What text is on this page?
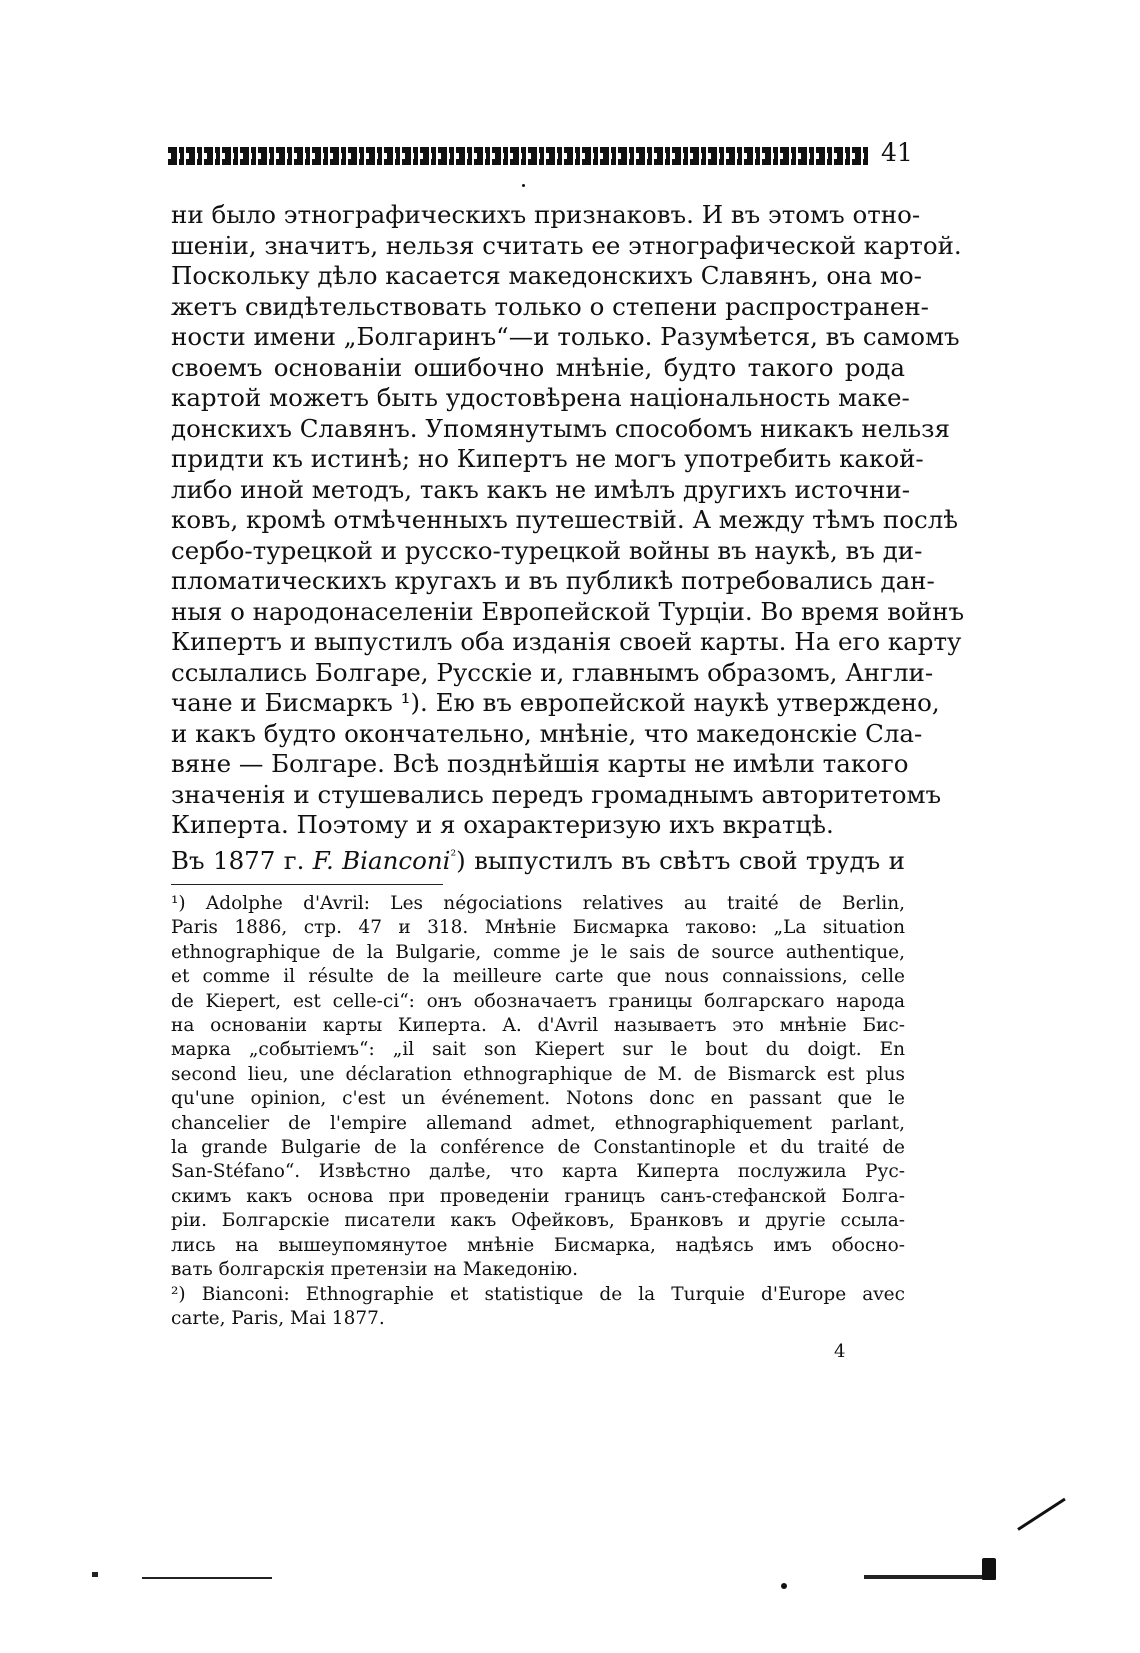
41
ни было этнографическихъ признаковъ. И въ этомъ отно-
шеніи, значитъ, нельзя считать ее этнографической картой.
Поскольку дѣло касается македонскихъ Славянъ, она мо-
жетъ свидѣтельствовать только о степени распространен-
ности имени „Болгаринъ“—и только. Разумѣется, въ самомъ
своемъ основаніи ошибочно мнѣніе, будто такого рода
картой можетъ быть удостовѣрена національность маке-
донскихъ Славянъ. Упомянутымъ способомъ никакъ нельзя
придти къ истинѣ; но Кипертъ не могъ употребить какой-
либо иной методъ, такъ какъ не имѣлъ другихъ источни-
ковъ, кромѣ отмѣченныхъ путешествій. А между тѣмъ послѣ
сербо-турецкой и русско-турецкой войны въ наукѣ, въ ди-
пломатическихъ кругахъ и въ публикѣ потребовались дан-
ныя о народонаселеніи Европейской Турціи. Во время войнъ
Кипертъ и выпустилъ оба изданія своей карты. На его карту
ссылались Болгаре, Русскіе и, главнымъ образомъ, Англи-
чане и Бисмаркъ ¹). Ею въ европейской наукѣ утверждено,
и какъ будто окончательно, мнѣніе, что македонскіе Сла-
вяне — Болгаре. Всѣ позднѣйшія карты не имѣли такого
значенія и стушевались передъ громаднымъ авторитетомъ
Киперта. Поэтому и я охарактеризую ихъ вкратцѣ.
Въ 1877 г. F. Bianconi$^{^2}$) выпустилъ въ свѣтъ свой трудъ и
¹) Adolphe d'Avril: Les négociations relatives au traité de Berlin,
Paris 1886, стр. 47 и 318. Мнѣніе Бисмарка таково: „La situation
ethnographique de la Bulgarie, comme je le sais de source authentique,
et comme il résulte de la meilleure carte que nous connaissions, celle
de Kiepert, est celle-ci“: онъ обозначаетъ границы болгарскаго народа
на основаніи карты Киперта. A. d'Avril называетъ это мнѣніе Бис-
марка „событіемъ“: „il sait son Kiepert sur le bout du doigt. En
second lieu, une déclaration ethnographique de M. de Bismarck est plus
qu'une opinion, c'est un événement. Notons donc en passant que le
chancelier de l'empire allemand admet, ethnographiquement parlant,
la grande Bulgarie de la conférence de Constantinople et du traité de
San-Stéfano“. Извѣстно далѣе, что карта Киперта послужила Рус-
скимъ какъ основа при проведеніи границъ санъ-стефанской Болга-
ріи. Болгарскіе писатели какъ Офейковъ, Бранковъ и другіе ссыла-
лись на вышеупомянутое мнѣніе Бисмарка, надѣясь имъ обосно-
вать болгарскія претензіи на Македонію.
²) Bianconi: Ethnographie et statistique de la Turquie d'Europe avec
carte, Paris, Mai 1877.
4
